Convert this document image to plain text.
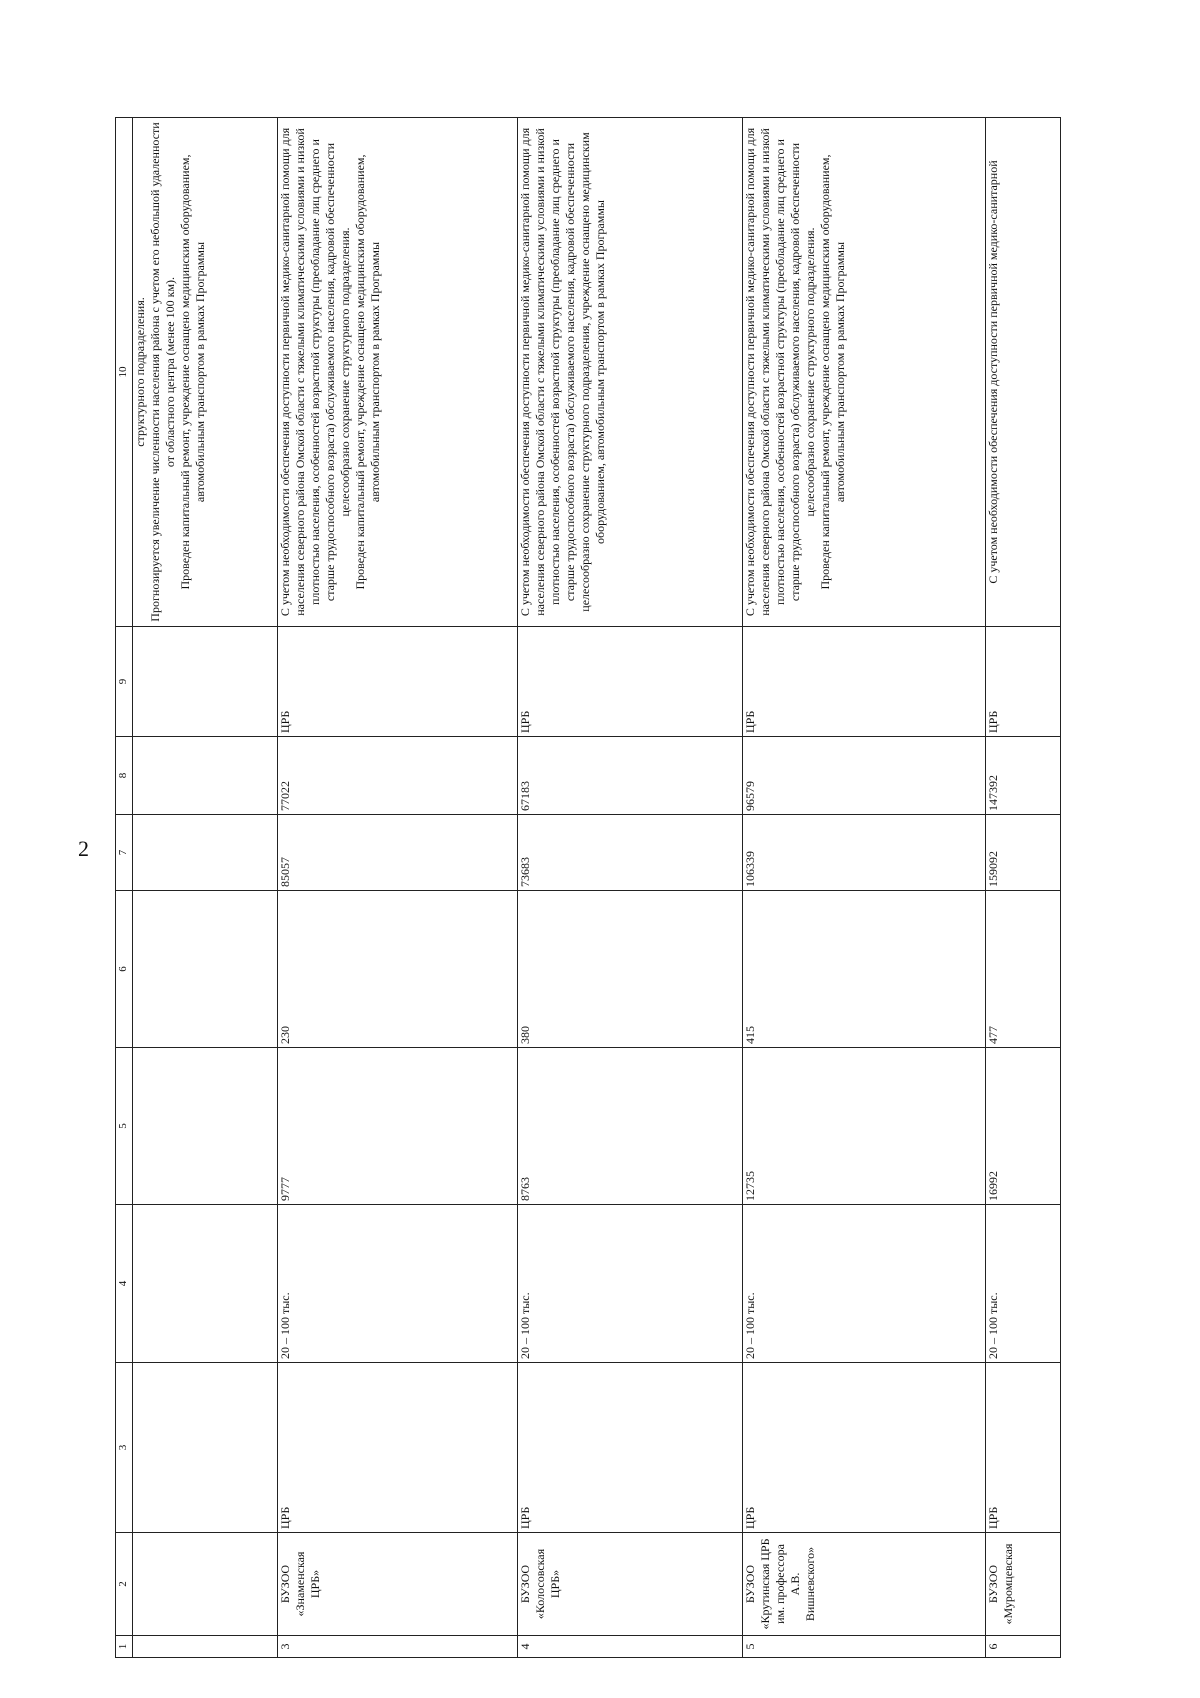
2
1	2	3	4	5	6	7	8	9	10
									структурного подразделения.
Прогнозируется увеличение численности населения района с учетом его небольшой удаленности от областного центра (менее 100 км).
Проведен капитальный ремонт, учреждение оснащено медицинским оборудованием, автомобильным транспортом в рамках Программы
3	БУЗОО «Знаменская ЦРБ»	ЦРБ	20 – 100 тыс.	9777	230	85057	77022	ЦРБ	С учетом необходимости обеспечения доступности первичной медико-санитарной помощи для населения северного района Омской области с тяжелыми климатическими условиями и низкой плотностью населения, особенностей возрастной структуры (преобладание лиц среднего и старше трудоспособного возраста) обслуживаемого населения, кадровой обеспеченности целесообразно сохранение структурного подразделения.
Проведен капитальный ремонт, учреждение оснащено медицинским оборудованием, автомобильным транспортом в рамках Программы
4	БУЗОО «Колосовская ЦРБ»	ЦРБ	20 – 100 тыс.	8763	380	73683	67183	ЦРБ	С учетом необходимости обеспечения доступности первичной медико-санитарной помощи для населения северного района Омской области с тяжелыми климатическими условиями и низкой плотностью населения, особенностей возрастной структуры (преобладание лиц среднего и старше трудоспособного возраста) обслуживаемого населения, кадровой обеспеченности целесообразно сохранение структурного подразделения, учреждение оснащено медицинским оборудованием, автомобильным транспортом в рамках Программы
5	БУЗОО «Крутинская ЦРБ им. профессора А.В. Вишневского»	ЦРБ	20 – 100 тыс.	12735	415	106339	96579	ЦРБ	С учетом необходимости обеспечения доступности первичной медико-санитарной помощи для населения северного района Омской области с тяжелыми климатическими условиями и низкой плотностью населения, особенностей возрастной структуры (преобладание лиц среднего и старше трудоспособного возраста) обслуживаемого населения, кадровой обеспеченности целесообразно сохранение структурного подразделения.
Проведен капитальный ремонт, учреждение оснащено медицинским оборудованием, автомобильным транспортом в рамках Программы
6	БУЗОО «Муромцевская	ЦРБ	20 – 100 тыс.	16992	477	159092	147392	ЦРБ	С учетом необходимости обеспечения доступности первичной медико-санитарной
